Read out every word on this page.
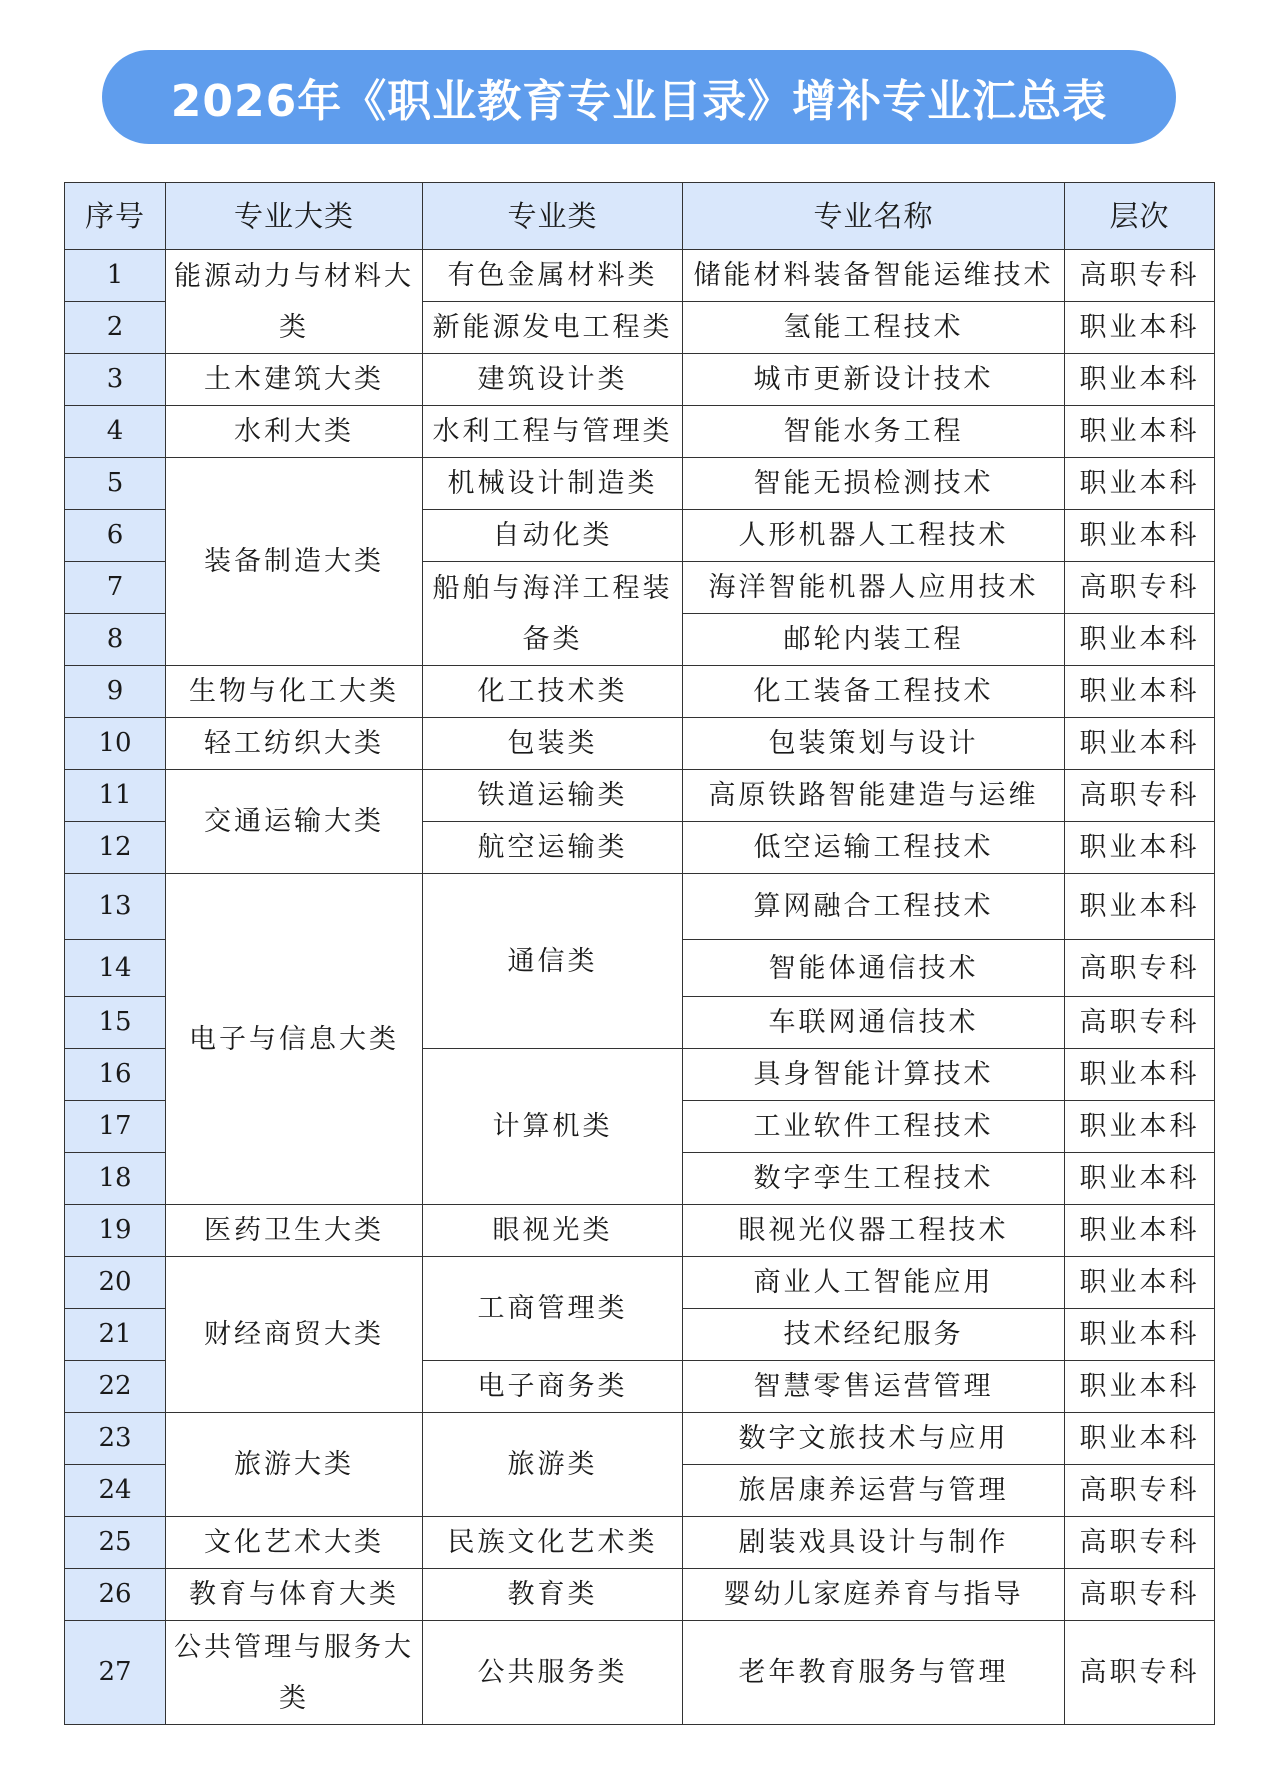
2026年《职业教育专业目录》增补专业汇总表
序号	专业大类	专业类	专业名称	层次
1	能源动力与材料大类	有色金属材料类	储能材料装备智能运维技术	高职专科
2		新能源发电工程类	氢能工程技术	职业本科
3	土木建筑大类	建筑设计类	城市更新设计技术	职业本科
4	水利大类	水利工程与管理类	智能水务工程	职业本科
5	装备制造大类	机械设计制造类	智能无损检测技术	职业本科
6		自动化类	人形机器人工程技术	职业本科
7		船舶与海洋工程装备类	海洋智能机器人应用技术	高职专科
8			邮轮内装工程	职业本科
9	生物与化工大类	化工技术类	化工装备工程技术	职业本科
10	轻工纺织大类	包装类	包装策划与设计	职业本科
11	交通运输大类	铁道运输类	高原铁路智能建造与运维	高职专科
12		航空运输类	低空运输工程技术	职业本科
13	电子与信息大类	通信类	算网融合工程技术	职业本科
14			智能体通信技术	高职专科
15			车联网通信技术	高职专科
16		计算机类	具身智能计算技术	职业本科
17			工业软件工程技术	职业本科
18			数字孪生工程技术	职业本科
19	医药卫生大类	眼视光类	眼视光仪器工程技术	职业本科
20	财经商贸大类	工商管理类	商业人工智能应用	职业本科
21			技术经纪服务	职业本科
22		电子商务类	智慧零售运营管理	职业本科
23	旅游大类	旅游类	数字文旅技术与应用	职业本科
24			旅居康养运营与管理	高职专科
25	文化艺术大类	民族文化艺术类	剧装戏具设计与制作	高职专科
26	教育与体育大类	教育类	婴幼儿家庭养育与指导	高职专科
27	公共管理与服务大类	公共服务类	老年教育服务与管理	高职专科
